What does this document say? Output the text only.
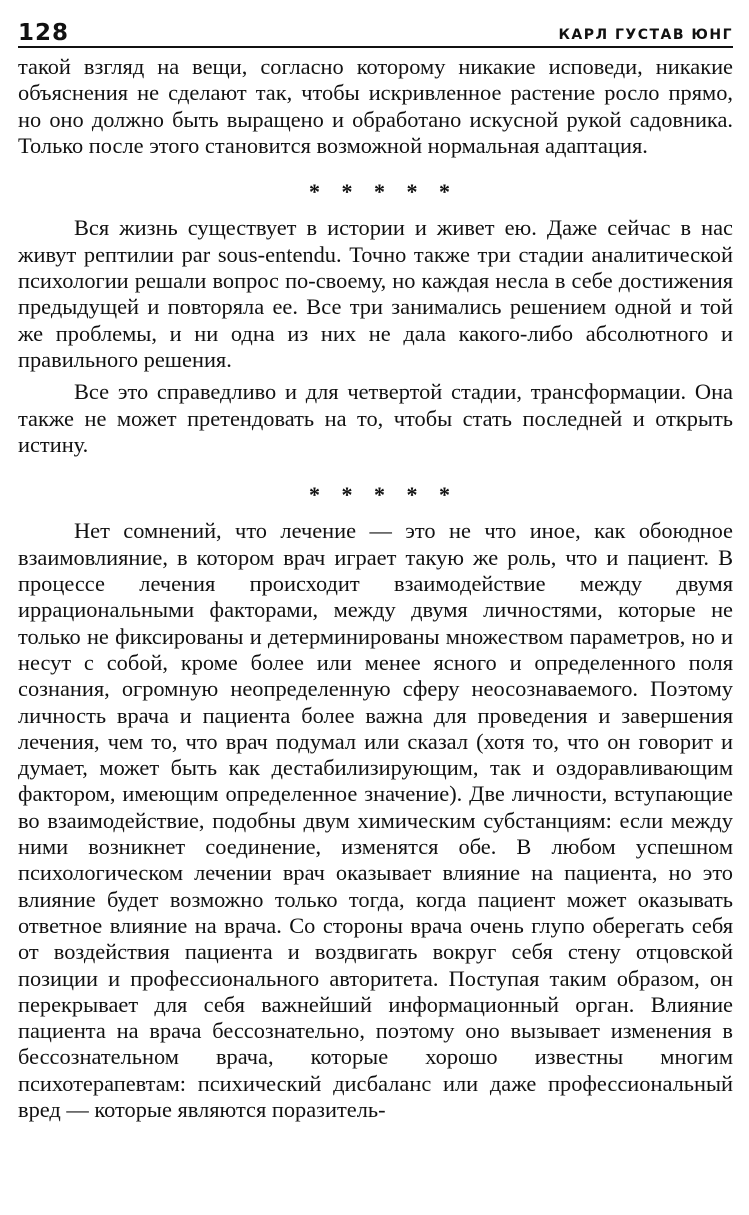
128	КАРЛ ГУСТАВ ЮНГ

такой взгляд на вещи, согласно которому никакие исповеди, никакие объяснения не сделают так, чтобы искривленное растение росло прямо, но оно должно быть выращено и обработано искусной рукой садовника. Только после этого становится возможной нормальная адаптация.

* * * * *

Вся жизнь существует в истории и живет ею. Даже сейчас в нас живут рептилии par sous-entendu. Точно также три стадии аналитической психологии решали вопрос по-своему, но каждая несла в себе достижения предыдущей и повторяла ее. Все три занимались решением одной и той же проблемы, и ни одна из них не дала какого-либо абсолютного и правильного решения.

Все это справедливо и для четвертой стадии, трансформации. Она также не может претендовать на то, чтобы стать последней и открыть истину.

* * * * *

Нет сомнений, что лечение — это не что иное, как обоюдное взаимовлияние, в котором врач играет такую же роль, что и пациент. В процессе лечения происходит взаимодействие между двумя иррациональными факторами, между двумя личностями, которые не только не фиксированы и детерминированы множеством параметров, но и несут с собой, кроме более или менее ясного и определенного поля сознания, огромную неопределенную сферу неосознаваемого. Поэтому личность врача и пациента более важна для проведения и завершения лечения, чем то, что врач подумал или сказал (хотя то, что он говорит и думает, может быть как дестабилизирующим, так и оздоравливающим фактором, имеющим определенное значение). Две личности, вступающие во взаимодействие, подобны двум химическим субстанциям: если между ними возникнет соединение, изменятся обе. В любом успешном психологическом лечении врач оказывает влияние на пациента, но это влияние будет возможно только тогда, когда пациент может оказывать ответное влияние на врача. Со стороны врача очень глупо оберегать себя от воздействия пациента и воздвигать вокруг себя стену отцовской позиции и профессионального авторитета. Поступая таким образом, он перекрывает для себя важнейший информационный орган. Влияние пациента на врача бессознательно, поэтому оно вызывает изменения в бессознательном врача, которые хорошо известны многим психотерапевтам: психический дисбаланс или даже профессиональный вред — которые являются поразитель-
